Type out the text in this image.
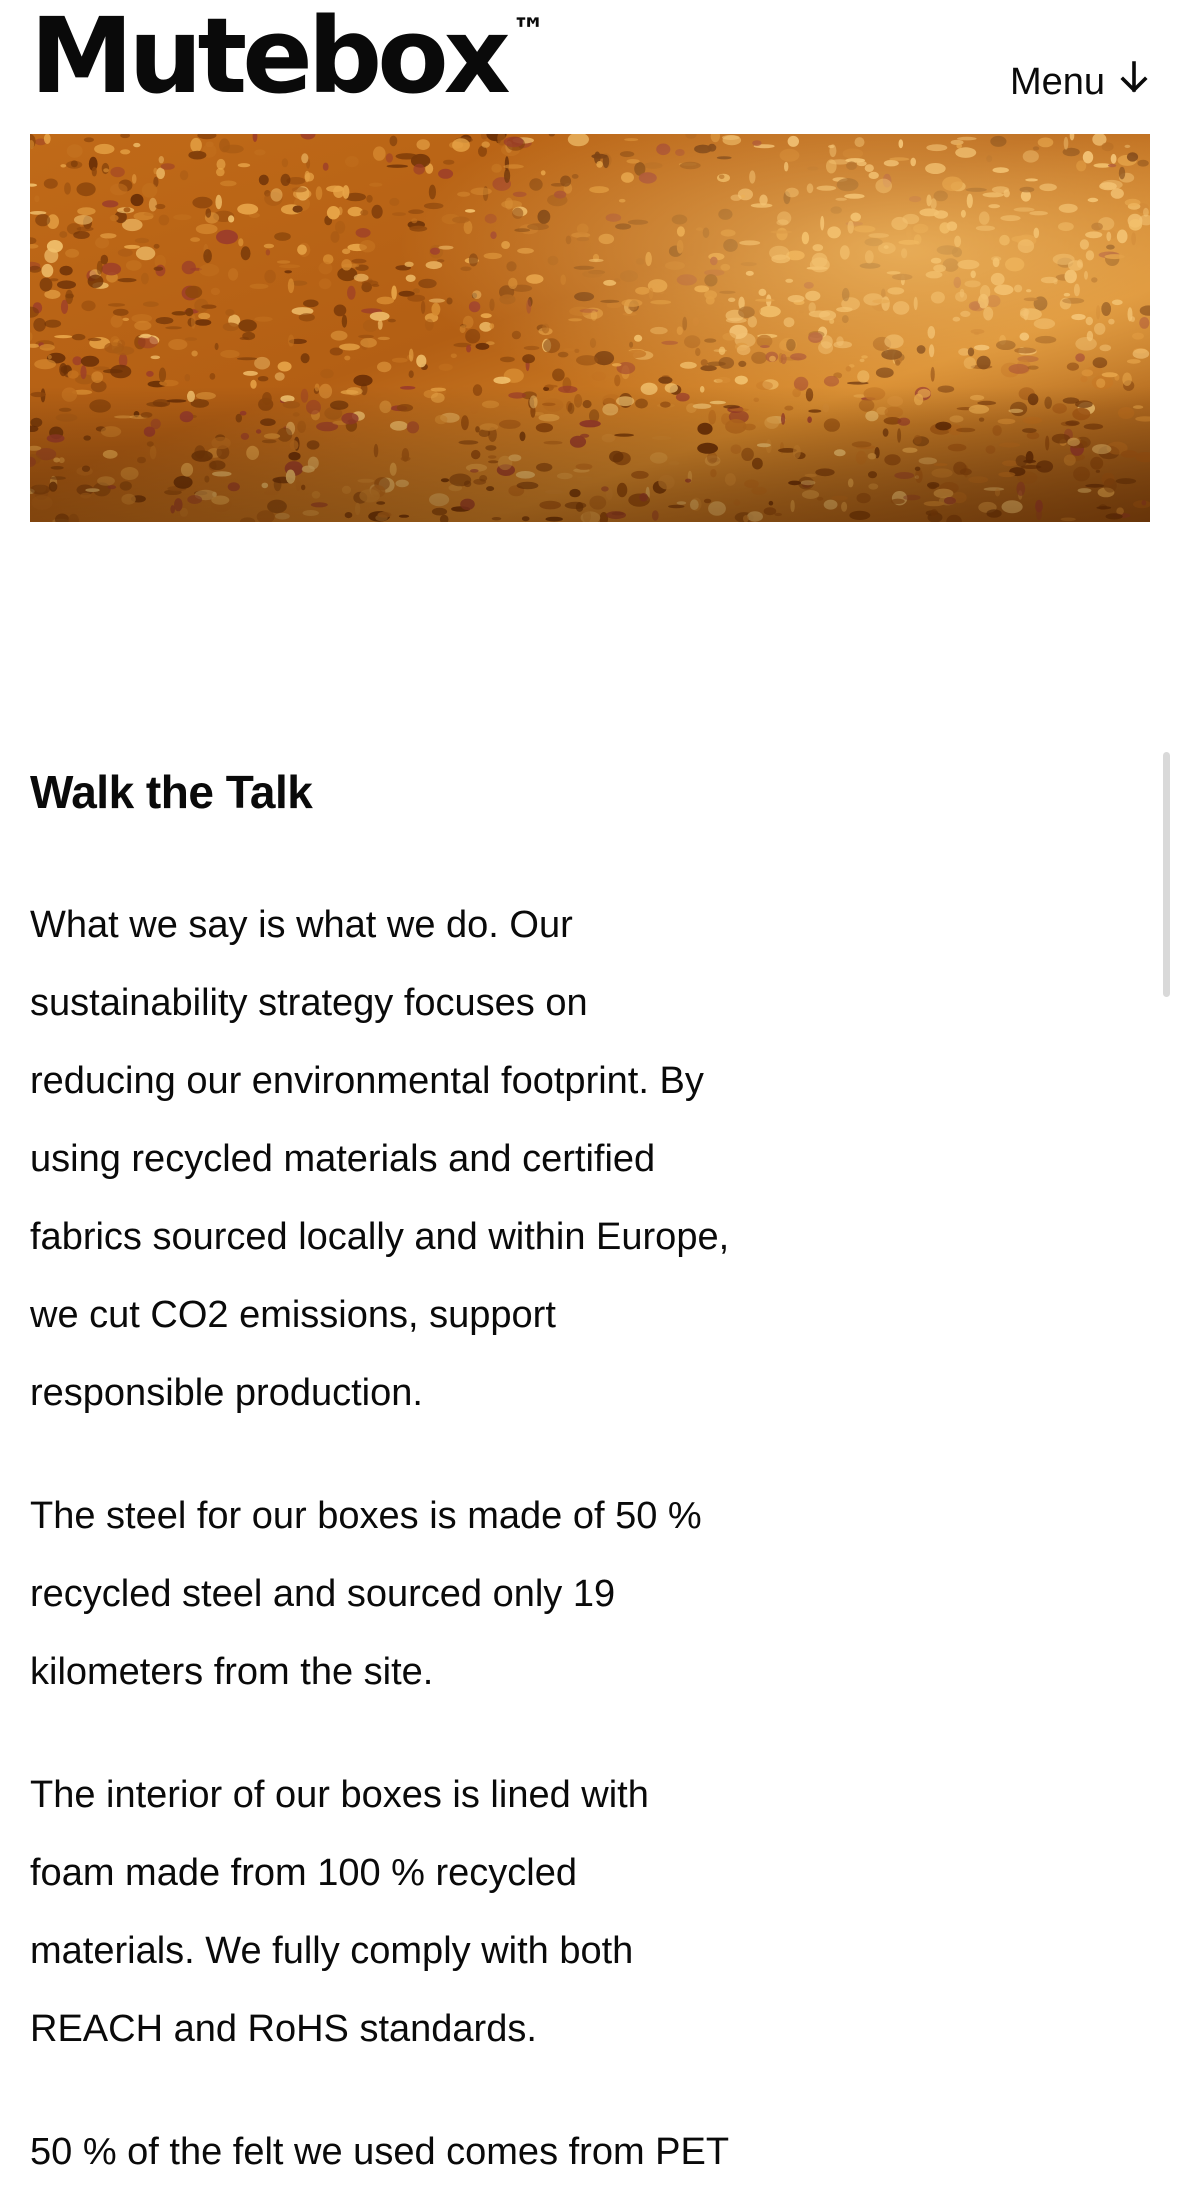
Mutebox ™
Menu
Walk the Talk

What we say is what we do. Our
sustainability strategy focuses on
reducing our environmental footprint. By
using recycled materials and certified
fabrics sourced locally and within Europe,
we cut CO2 emissions, support
responsible production.

The steel for our boxes is made of 50 %
recycled steel and sourced only 19
kilometers from the site.

The interior of our boxes is lined with
foam made from 100 % recycled
materials. We fully comply with both
REACH and RoHS standards.

50 % of the felt we used comes from PET
